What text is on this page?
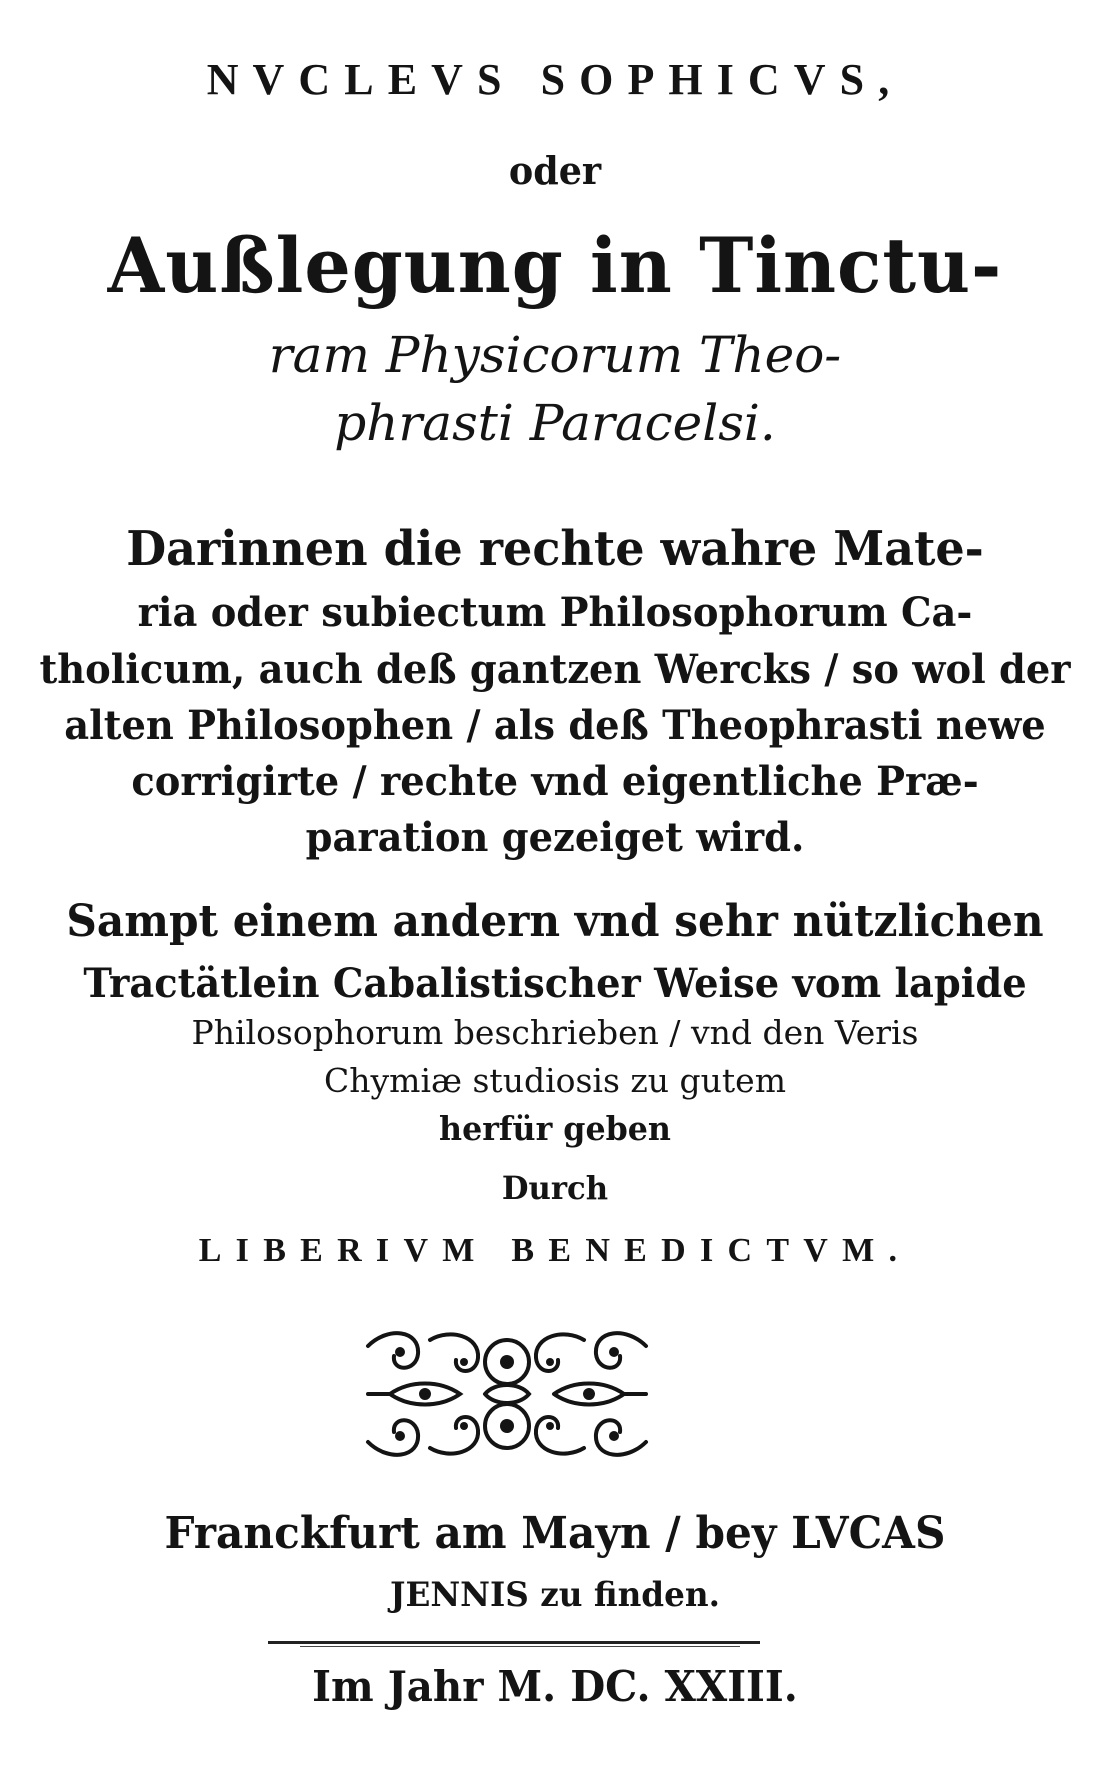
NVCLEVS SOPHICVS,
oder
Außlegung in Tinctu-
ram Physicorum Theo-
phrasti Paracelsi.
Darinnen die rechte wahre Mate-
ria oder subiectum Philosophorum Ca-
tholicum, auch deß gantzen Wercks / so wol der
alten Philosophen / als deß Theophrasti newe
corrigirte / rechte vnd eigentliche Præ-
paration gezeiget wird.
Sampt einem andern vnd sehr nützlichen
Tractätlein Cabalistischer Weise vom lapide
Philosophorum beschrieben / vnd den Veris
Chymiæ studiosis zu gutem
herfür geben
Durch
LIBERIVM BENEDICTVM.
Franckfurt am Mayn / bey LVCAS
JENNIS zu finden.
Im Jahr M. DC. XXIII.
